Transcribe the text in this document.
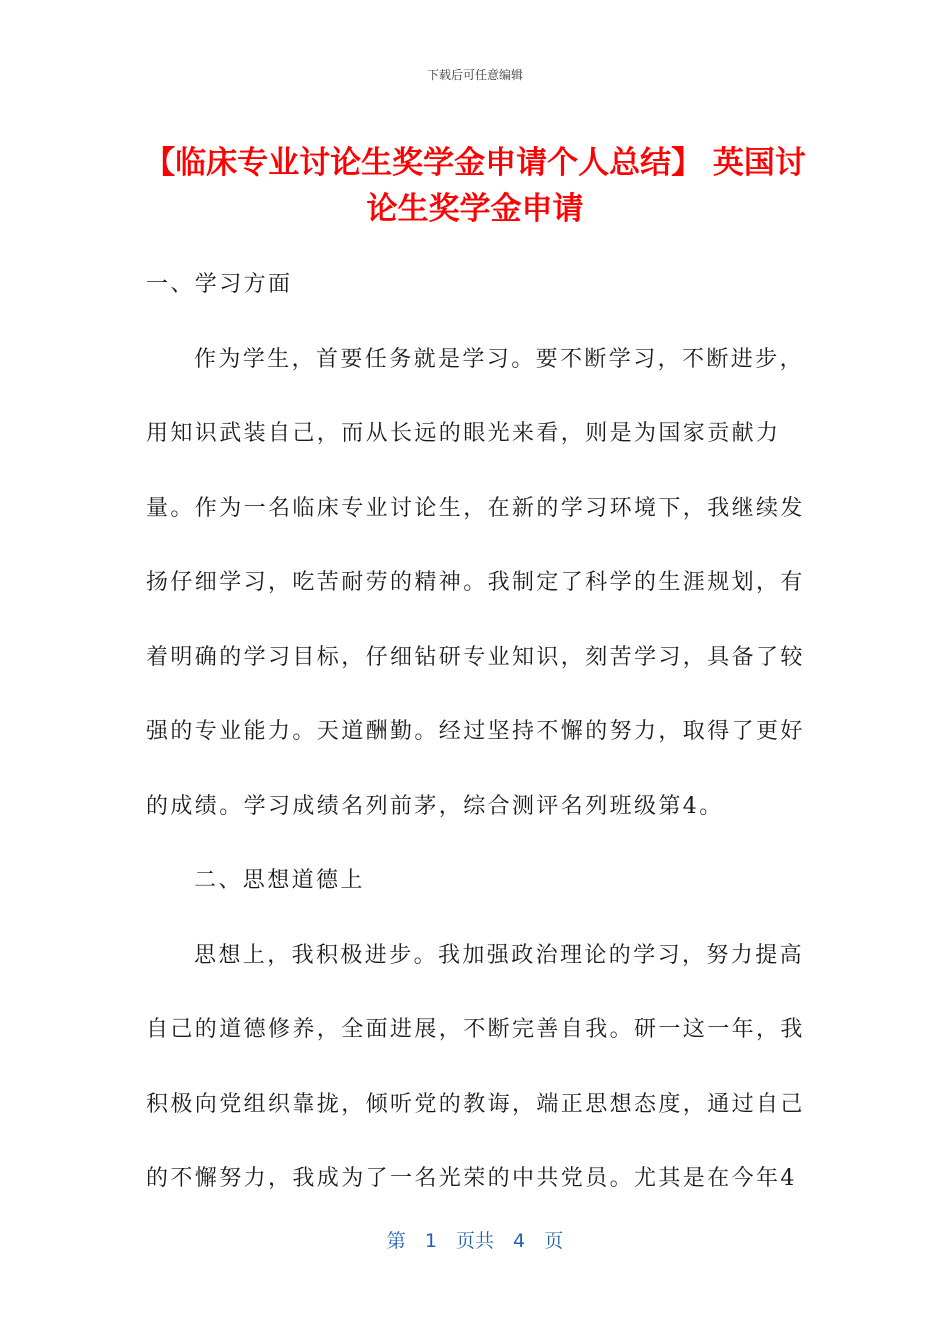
下载后可任意编辑
【临床专业讨论生奖学金申请个人总结】 英国讨论生奖学金申请

一、学习方面

作为学生，首要任务就是学习。要不断学习，不断进步，用知识武装自己，而从长远的眼光来看，则是为国家贡献力量。作为一名临床专业讨论生，在新的学习环境下，我继续发扬仔细学习，吃苦耐劳的精神。我制定了科学的生涯规划，有着明确的学习目标，仔细钻研专业知识，刻苦学习，具备了较强的专业能力。天道酬勤。经过坚持不懈的努力，取得了更好的成绩。学习成绩名列前茅，综合测评名列班级第4。

二、思想道德上

思想上，我积极进步。我加强政治理论的学习，努力提高自己的道德修养，全面进展，不断完善自我。研一这一年，我积极向党组织靠拢，倾听党的教诲，端正思想态度，通过自己的不懈努力，我成为了一名光荣的中共党员。尤其是在今年4

第 1 页共 4 页
